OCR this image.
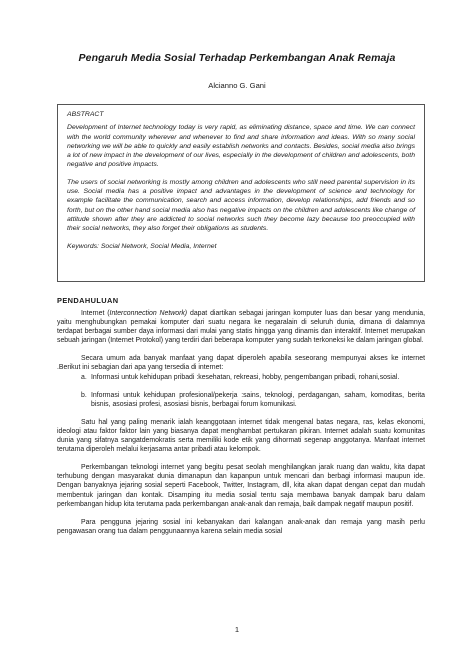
Pengaruh Media Sosial Terhadap Perkembangan Anak Remaja
Alcianno G. Gani

ABSTRACT

Development of Internet technology today is very rapid, as eliminating distance, space and time. We can connect with the world community wherever and whenever to find and share information and ideas. With so many social networking we will be able to quickly and easily establish networks and contacts. Besides, social media also brings a lot of new impact in the development of our lives, especially in the development of children and adolescents, both negative and positive impacts.

The users of social networking is mostly among children and adolescents who still need parental supervision in its use. Social media has a positive impact and advantages in the development of science and technology for example facilitate the communication, search and access information, develop relationships, add friends and so forth, but on the other hand social media also has negative impacts on the children and adolescents like change of attitude shown after they are addicted to social networks such they become lazy because too preoccupied with their social networks, they also forget their obligations as students.

Keywords: Social Network, Social Media, Internet

PENDAHULUAN

Internet (Interconnection Network) dapat diartikan sebagai jaringan komputer luas dan besar yang mendunia, yaitu menghubungkan pemakai komputer dari suatu negara ke negaralain di seluruh dunia, dimana di dalamnya terdapat berbagai sumber daya informasi dari mulai yang statis hingga yang dinamis dan interaktif. Internet merupakan sebuah jaringan (Internet Protokol) yang terdiri dari beberapa komputer yang sudah terkoneksi ke dalam jaringan global.

Secara umum ada banyak manfaat yang dapat diperoleh apabila seseorang mempunyai akses ke internet .Berikut ini sebagian dari apa yang tersedia di internet:

a. Informasi untuk kehidupan pribadi :kesehatan, rekreasi, hobby, pengembangan pribadi, rohani,sosial.
b. Informasi untuk kehidupan profesional/pekerja :sains, teknologi, perdagangan, saham, komoditas, berita bisnis, asosiasi profesi, asosiasi bisnis, berbagai forum komunikasi.

Satu hal yang paling menarik ialah keanggotaan internet tidak mengenal batas negara, ras, kelas ekonomi, ideologi atau faktor faktor lain yang biasanya dapat menghambat pertukaran pikiran. Internet adalah suatu komunitas dunia yang sifatnya sangatdemokratis serta memiliki kode etik yang dihormati segenap anggotanya. Manfaat internet terutama diperoleh melalui kerjasama antar pribadi atau kelompok.

Perkembangan teknologi internet yang begitu pesat seolah menghilangkan jarak ruang dan waktu, kita dapat terhubung dengan masyarakat dunia dimanapun dan kapanpun untuk mencari dan berbagi informasi maupun ide. Dengan banyaknya jejaring sosial seperti Facebook, Twitter, Instagram, dll, kita akan dapat dengan cepat dan mudah membentuk jaringan dan kontak. Disamping itu media sosial tentu saja membawa banyak dampak baru dalam perkembangan hidup kita terutama pada perkembangan anak-anak dan remaja, baik dampak negatif maupun positif.

Para pengguna jejaring sosial ini kebanyakan dari kalangan anak-anak dan remaja yang masih perlu pengawasan orang tua dalam penggunaannya karena selain media sosial

1
